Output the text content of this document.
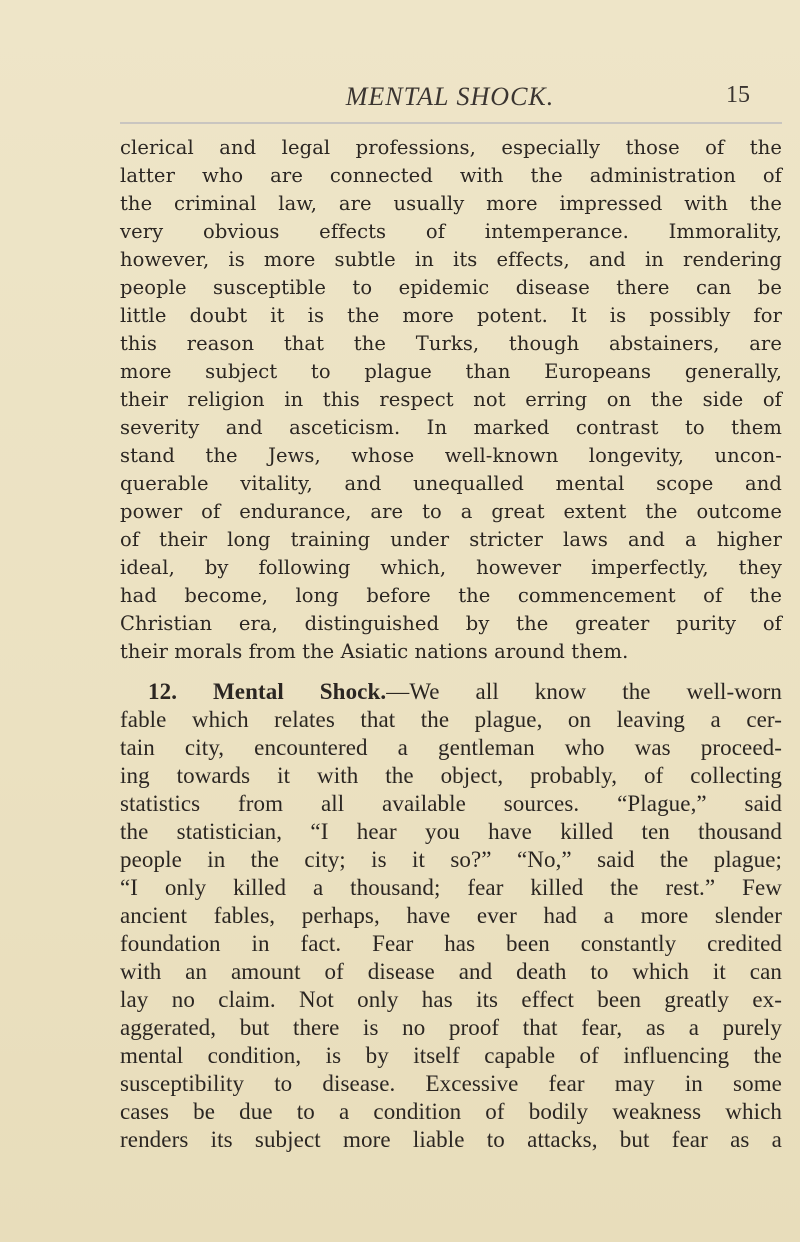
MENTAL SHOCK.	15
clerical and legal professions, especially those of the
latter who are connected with the administration of
the criminal law, are usually more impressed with the
very obvious effects of intemperance. Immorality,
however, is more subtle in its effects, and in rendering
people susceptible to epidemic disease there can be
little doubt it is the more potent. It is possibly for
this reason that the Turks, though abstainers, are
more subject to plague than Europeans generally,
their religion in this respect not erring on the side of
severity and asceticism. In marked contrast to them
stand the Jews, whose well-known longevity, uncon-
querable vitality, and unequalled mental scope and
power of endurance, are to a great extent the outcome
of their long training under stricter laws and a higher
ideal, by following which, however imperfectly, they
had become, long before the commencement of the
Christian era, distinguished by the greater purity of
their morals from the Asiatic nations around them.
12. Mental Shock.—We all know the well-worn
fable which relates that the plague, on leaving a cer-
tain city, encountered a gentleman who was proceed-
ing towards it with the object, probably, of collecting
statistics from all available sources. “Plague,” said
the statistician, “I hear you have killed ten thousand
people in the city; is it so?” “No,” said the plague;
“I only killed a thousand; fear killed the rest.” Few
ancient fables, perhaps, have ever had a more slender
foundation in fact. Fear has been constantly credited
with an amount of disease and death to which it can
lay no claim. Not only has its effect been greatly ex-
aggerated, but there is no proof that fear, as a purely
mental condition, is by itself capable of influencing the
susceptibility to disease. Excessive fear may in some
cases be due to a condition of bodily weakness which
renders its subject more liable to attacks, but fear as a
